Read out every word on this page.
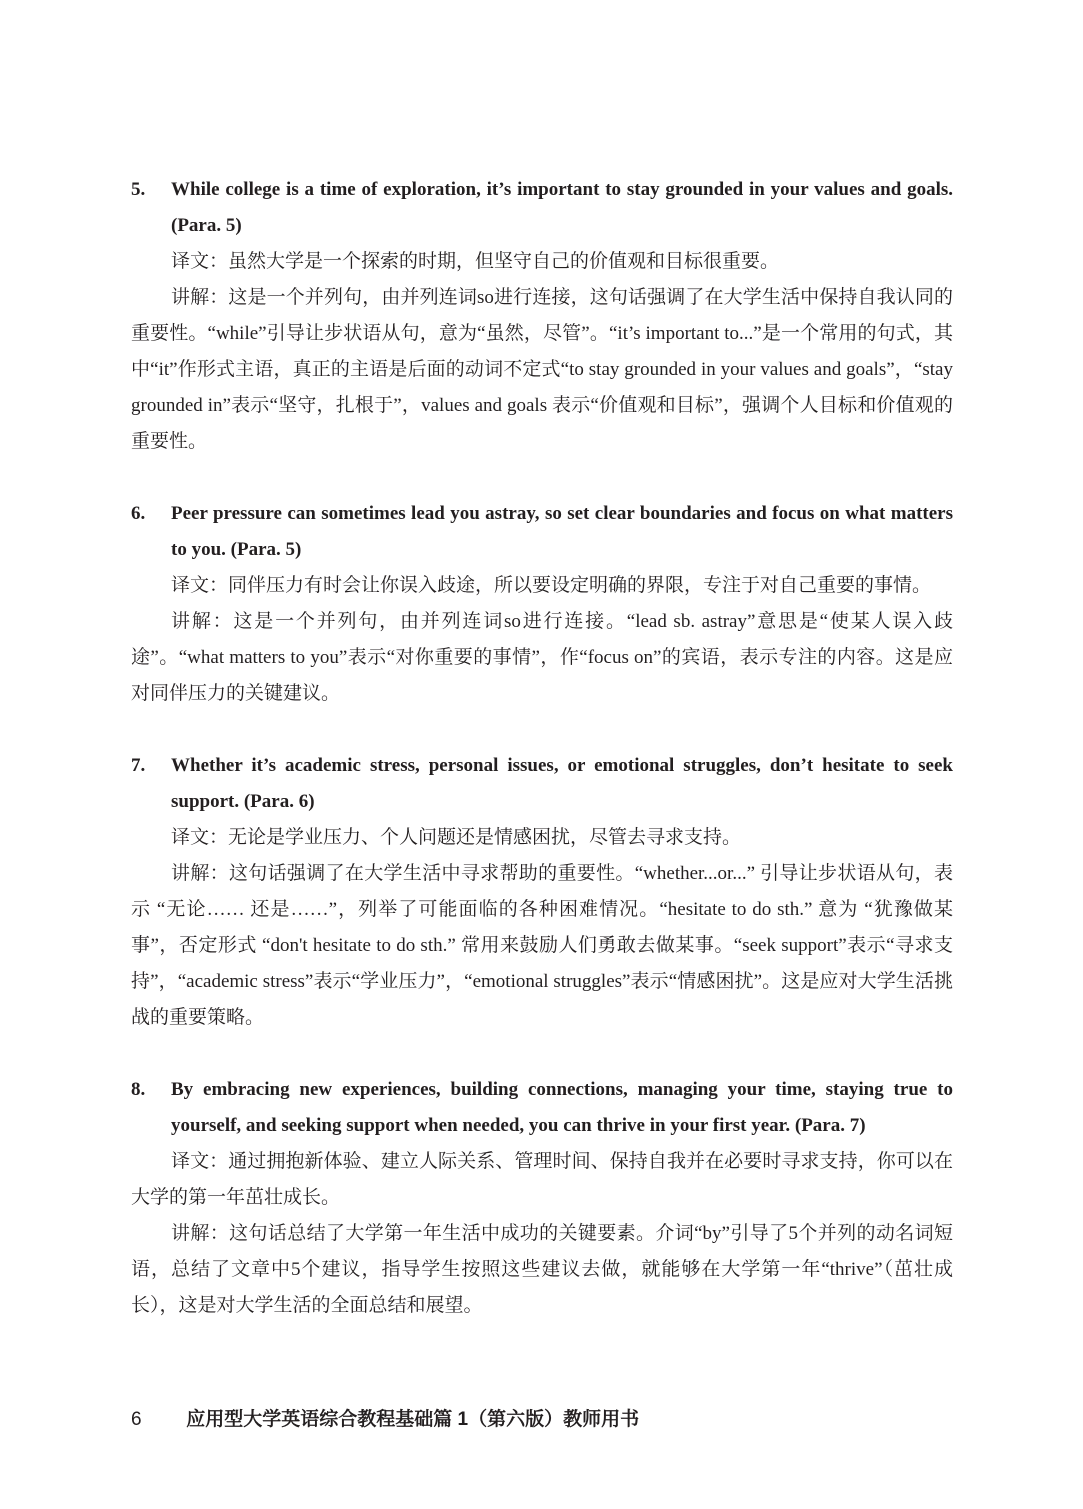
5.	While college is a time of exploration, it’s important to stay grounded in your values and goals. (Para. 5)

译文：虽然大学是一个探索的时期，但坚守自己的价值观和目标很重要。

讲解：这是一个并列句，由并列连词so进行连接，这句话强调了在大学生活中保持自我认同的重要性。“while”引导让步状语从句，意为“虽然，尽管”。“it’s important to...”是一个常用的句式，其中“it”作形式主语，真正的主语是后面的动词不定式“to stay grounded in your values and goals”，“stay grounded in”表示“坚守，扎根于”，values and goals 表示“价值观和目标”，强调个人目标和价值观的重要性。

6.	Peer pressure can sometimes lead you astray, so set clear boundaries and focus on what matters to you. (Para. 5)

译文：同伴压力有时会让你误入歧途，所以要设定明确的界限，专注于对自己重要的事情。

讲解：这是一个并列句，由并列连词so进行连接。“lead sb. astray”意思是“使某人误入歧途”。“what matters to you”表示“对你重要的事情”，作“focus on”的宾语，表示专注的内容。这是应对同伴压力的关键建议。

7.	Whether it’s academic stress, personal issues, or emotional struggles, don’t hesitate to seek support. (Para. 6)

译文：无论是学业压力、个人问题还是情感困扰，尽管去寻求支持。

讲解：这句话强调了在大学生活中寻求帮助的重要性。“whether...or...” 引导让步状语从句，表示 “无论…… 还是……”，列举了可能面临的各种困难情况。“hesitate to do sth.” 意为 “犹豫做某事”，否定形式 “don't hesitate to do sth.” 常用来鼓励人们勇敢去做某事。“seek support”表示“寻求支持”，“academic stress”表示“学业压力”，“emotional struggles”表示“情感困扰”。这是应对大学生活挑战的重要策略。

8.	By embracing new experiences, building connections, managing your time, staying true to yourself, and seeking support when needed, you can thrive in your first year. (Para. 7)

译文：通过拥抱新体验、建立人际关系、管理时间、保持自我并在必要时寻求支持，你可以在大学的第一年茁壮成长。

讲解：这句话总结了大学第一年生活中成功的关键要素。介词“by”引导了5个并列的动名词短语，总结了文章中5个建议，指导学生按照这些建议去做，就能够在大学第一年“thrive”（茁壮成长），这是对大学生活的全面总结和展望。

6 应用型大学英语综合教程基础篇 1（第六版）教师用书
